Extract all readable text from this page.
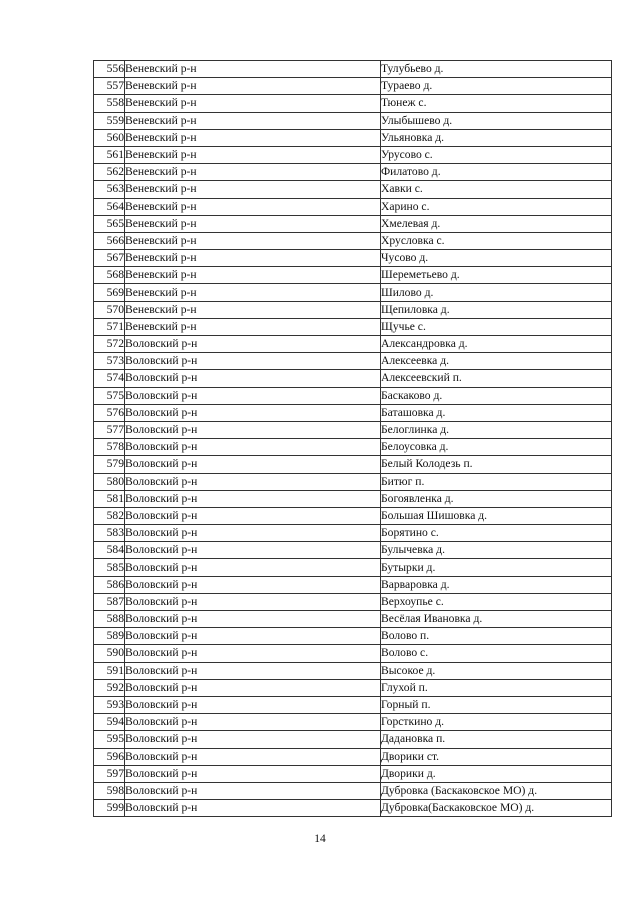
556	Веневский р-н	Тулубьево д.
557	Веневский р-н	Тураево д.
558	Веневский р-н	Тюнеж с.
559	Веневский р-н	Улыбышево д.
560	Веневский р-н	Ульяновка д.
561	Веневский р-н	Урусово с.
562	Веневский р-н	Филатово д.
563	Веневский р-н	Хавки с.
564	Веневский р-н	Харино с.
565	Веневский р-н	Хмелевая д.
566	Веневский р-н	Хрусловка с.
567	Веневский р-н	Чусово д.
568	Веневский р-н	Шереметьево д.
569	Веневский р-н	Шилово д.
570	Веневский р-н	Щепиловка д.
571	Веневский р-н	Щучье с.
572	Воловский р-н	Александровка д.
573	Воловский р-н	Алексеевка д.
574	Воловский р-н	Алексеевский п.
575	Воловский р-н	Баскаково д.
576	Воловский р-н	Баташовка д.
577	Воловский р-н	Белоглинка д.
578	Воловский р-н	Белоусовка д.
579	Воловский р-н	Белый Колодезь п.
580	Воловский р-н	Битюг п.
581	Воловский р-н	Богоявленка д.
582	Воловский р-н	Большая Шишовка д.
583	Воловский р-н	Борятино с.
584	Воловский р-н	Булычевка д.
585	Воловский р-н	Бутырки д.
586	Воловский р-н	Варваровка д.
587	Воловский р-н	Верхоупье с.
588	Воловский р-н	Весёлая Ивановка д.
589	Воловский р-н	Волово п.
590	Воловский р-н	Волово с.
591	Воловский р-н	Высокое д.
592	Воловский р-н	Глухой п.
593	Воловский р-н	Горный п.
594	Воловский р-н	Горсткино д.
595	Воловский р-н	Дадановка п.
596	Воловский р-н	Дворики ст.
597	Воловский р-н	Дворики д.
598	Воловский р-н	Дубровка (Баскаковское МО) д.
599	Воловский р-н	Дубровка(Баскаковское МО) д.
14
